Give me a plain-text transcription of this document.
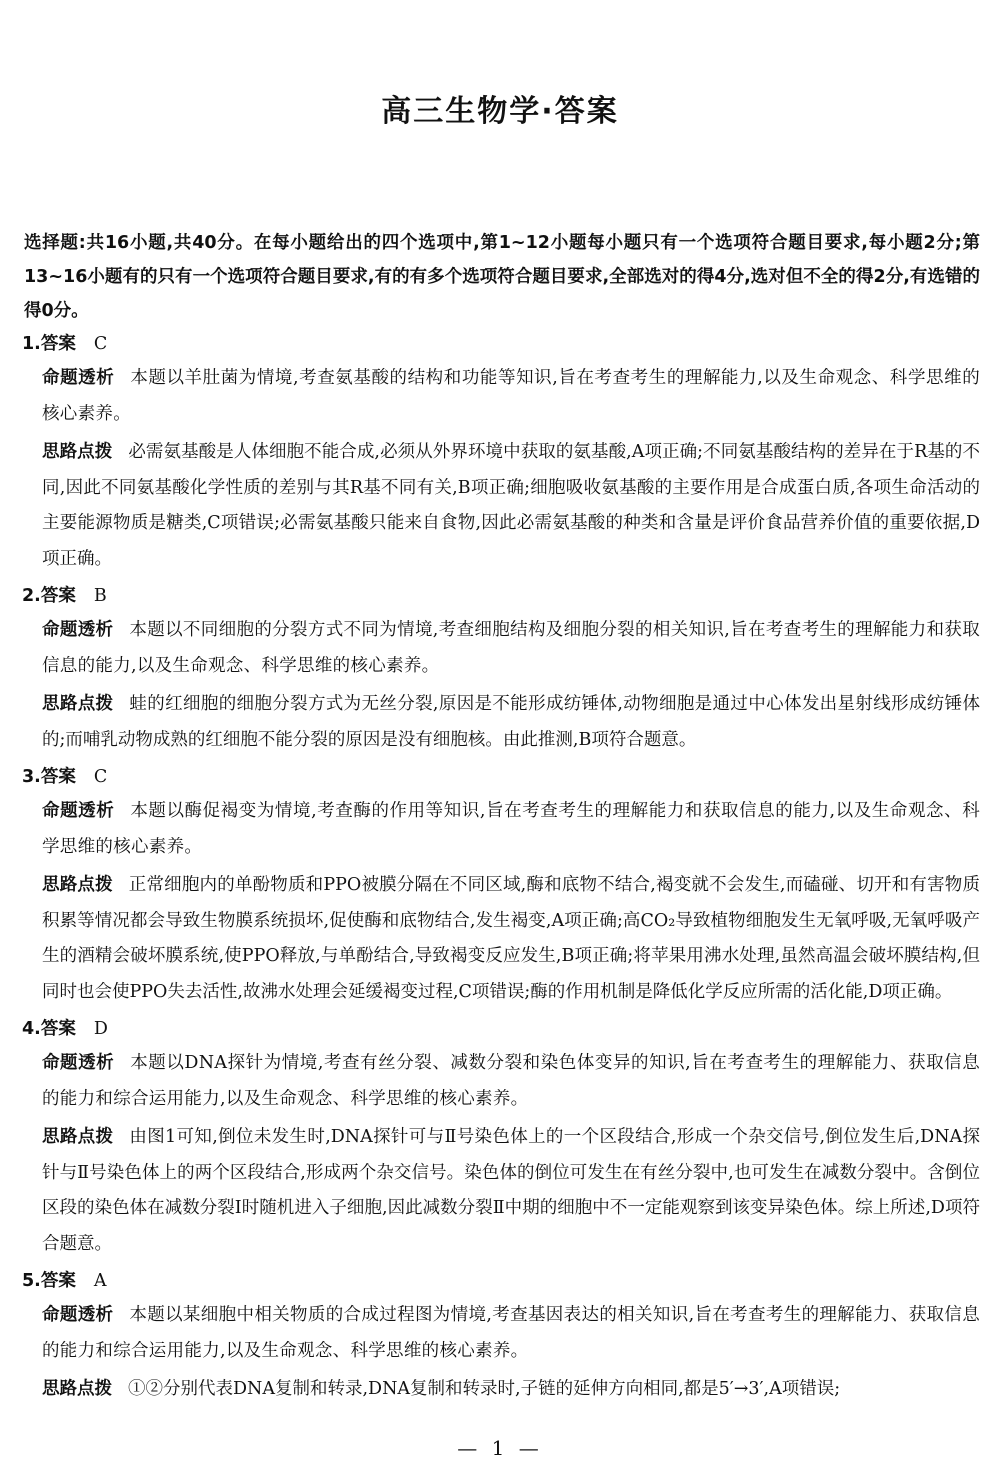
高三生物学·答案
选择题:共16小题,共40分。在每小题给出的四个选项中,第1~12小题每小题只有一个选项符合题目要求,每小题2分;第13~16小题有的只有一个选项符合题目要求,有的有多个选项符合题目要求,全部选对的得4分,选对但不全的得2分,有选错的得0分。
1.答案 C
命题透析 本题以羊肚菌为情境,考查氨基酸的结构和功能等知识,旨在考查考生的理解能力,以及生命观念、科学思维的核心素养。
思路点拨 必需氨基酸是人体细胞不能合成,必须从外界环境中获取的氨基酸,A项正确;不同氨基酸结构的差异在于R基的不同,因此不同氨基酸化学性质的差别与其R基不同有关,B项正确;细胞吸收氨基酸的主要作用是合成蛋白质,各项生命活动的主要能源物质是糖类,C项错误;必需氨基酸只能来自食物,因此必需氨基酸的种类和含量是评价食品营养价值的重要依据,D项正确。
2.答案 B
命题透析 本题以不同细胞的分裂方式不同为情境,考查细胞结构及细胞分裂的相关知识,旨在考查考生的理解能力和获取信息的能力,以及生命观念、科学思维的核心素养。
思路点拨 蛙的红细胞的细胞分裂方式为无丝分裂,原因是不能形成纺锤体,动物细胞是通过中心体发出星射线形成纺锤体的;而哺乳动物成熟的红细胞不能分裂的原因是没有细胞核。由此推测,B项符合题意。
3.答案 C
命题透析 本题以酶促褐变为情境,考查酶的作用等知识,旨在考查考生的理解能力和获取信息的能力,以及生命观念、科学思维的核心素养。
思路点拨 正常细胞内的单酚物质和PPO被膜分隔在不同区域,酶和底物不结合,褐变就不会发生,而磕碰、切开和有害物质积累等情况都会导致生物膜系统损坏,促使酶和底物结合,发生褐变,A项正确;高CO₂导致植物细胞发生无氧呼吸,无氧呼吸产生的酒精会破坏膜系统,使PPO释放,与单酚结合,导致褐变反应发生,B项正确;将苹果用沸水处理,虽然高温会破坏膜结构,但同时也会使PPO失去活性,故沸水处理会延缓褐变过程,C项错误;酶的作用机制是降低化学反应所需的活化能,D项正确。
4.答案 D
命题透析 本题以DNA探针为情境,考查有丝分裂、减数分裂和染色体变异的知识,旨在考查考生的理解能力、获取信息的能力和综合运用能力,以及生命观念、科学思维的核心素养。
思路点拨 由图1可知,倒位未发生时,DNA探针可与Ⅱ号染色体上的一个区段结合,形成一个杂交信号,倒位发生后,DNA探针与Ⅱ号染色体上的两个区段结合,形成两个杂交信号。染色体的倒位可发生在有丝分裂中,也可发生在减数分裂中。含倒位区段的染色体在减数分裂Ⅰ时随机进入子细胞,因此减数分裂Ⅱ中期的细胞中不一定能观察到该变异染色体。综上所述,D项符合题意。
5.答案 A
命题透析 本题以某细胞中相关物质的合成过程图为情境,考查基因表达的相关知识,旨在考查考生的理解能力、获取信息的能力和综合运用能力,以及生命观念、科学思维的核心素养。
思路点拨 ①②分别代表DNA复制和转录,DNA复制和转录时,子链的延伸方向相同,都是5′→3′,A项错误;
— 1 —
